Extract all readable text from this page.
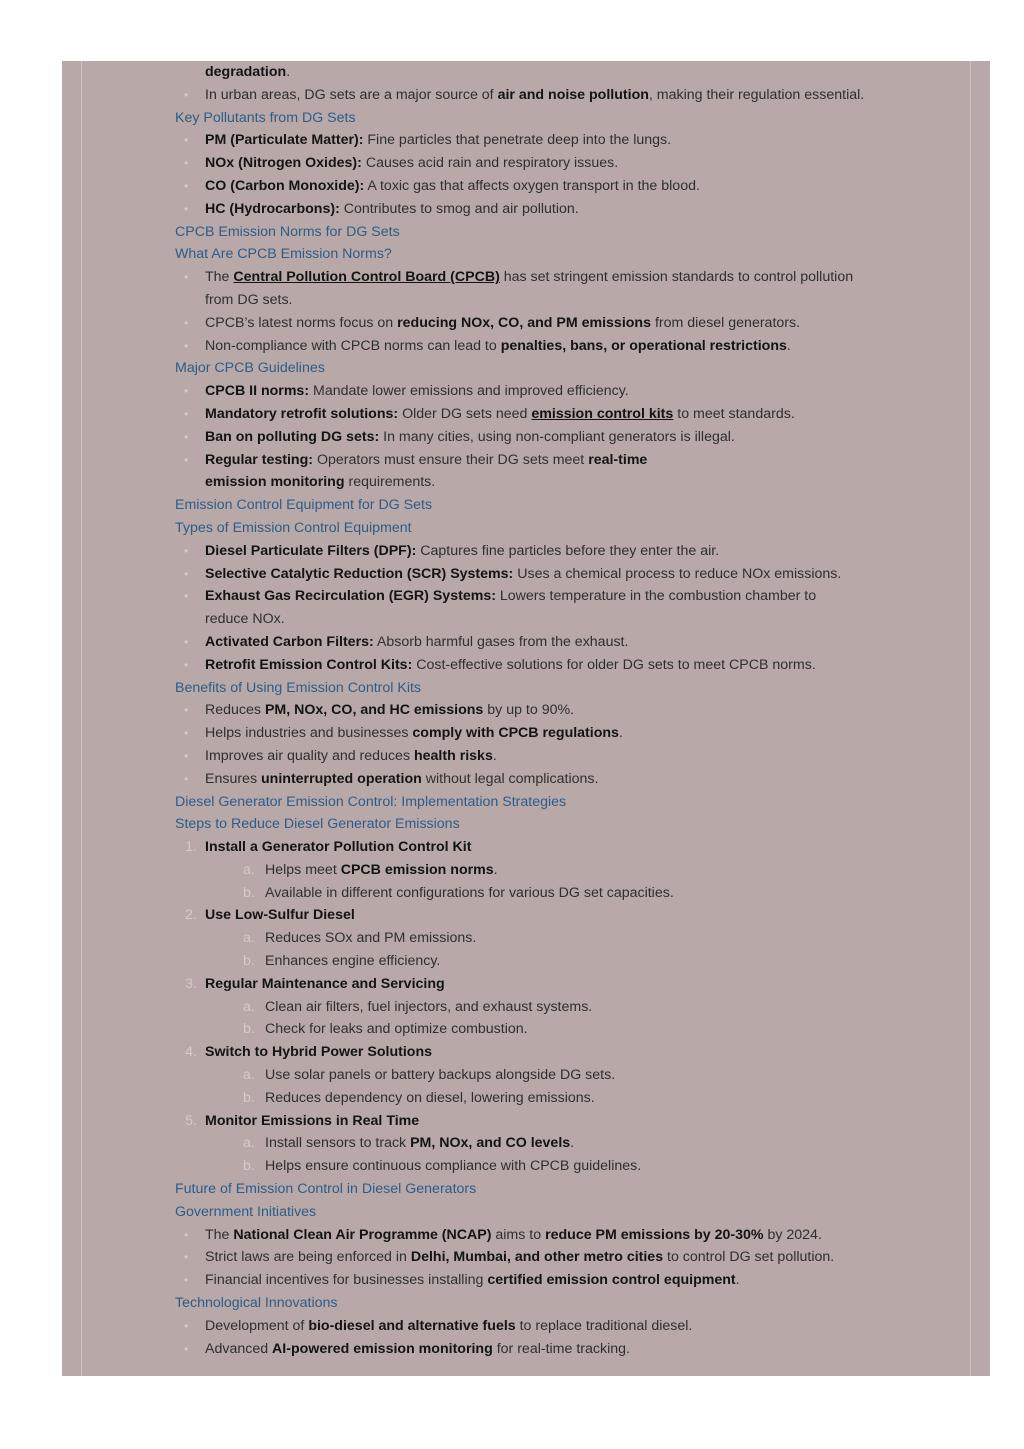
degradation.
• In urban areas, DG sets are a major source of air and noise pollution, making their regulation essential.
Key Pollutants from DG Sets
• PM (Particulate Matter): Fine particles that penetrate deep into the lungs.
• NOx (Nitrogen Oxides): Causes acid rain and respiratory issues.
• CO (Carbon Monoxide): A toxic gas that affects oxygen transport in the blood.
• HC (Hydrocarbons): Contributes to smog and air pollution.
CPCB Emission Norms for DG Sets
What Are CPCB Emission Norms?
• The Central Pollution Control Board (CPCB) has set stringent emission standards to control pollution from DG sets.
• CPCB’s latest norms focus on reducing NOx, CO, and PM emissions from diesel generators.
• Non-compliance with CPCB norms can lead to penalties, bans, or operational restrictions.
Major CPCB Guidelines
• CPCB II norms: Mandate lower emissions and improved efficiency.
• Mandatory retrofit solutions: Older DG sets need emission control kits to meet standards.
• Ban on polluting DG sets: In many cities, using non-compliant generators is illegal.
• Regular testing: Operators must ensure their DG sets meet real-time emission monitoring requirements.
Emission Control Equipment for DG Sets
Types of Emission Control Equipment
• Diesel Particulate Filters (DPF): Captures fine particles before they enter the air.
• Selective Catalytic Reduction (SCR) Systems: Uses a chemical process to reduce NOx emissions.
• Exhaust Gas Recirculation (EGR) Systems: Lowers temperature in the combustion chamber to reduce NOx.
• Activated Carbon Filters: Absorb harmful gases from the exhaust.
• Retrofit Emission Control Kits: Cost-effective solutions for older DG sets to meet CPCB norms.
Benefits of Using Emission Control Kits
• Reduces PM, NOx, CO, and HC emissions by up to 90%.
• Helps industries and businesses comply with CPCB regulations.
• Improves air quality and reduces health risks.
• Ensures uninterrupted operation without legal complications.
Diesel Generator Emission Control: Implementation Strategies
Steps to Reduce Diesel Generator Emissions
1. Install a Generator Pollution Control Kit
a. Helps meet CPCB emission norms.
b. Available in different configurations for various DG set capacities.
2. Use Low-Sulfur Diesel
a. Reduces SOx and PM emissions.
b. Enhances engine efficiency.
3. Regular Maintenance and Servicing
a. Clean air filters, fuel injectors, and exhaust systems.
b. Check for leaks and optimize combustion.
4. Switch to Hybrid Power Solutions
a. Use solar panels or battery backups alongside DG sets.
b. Reduces dependency on diesel, lowering emissions.
5. Monitor Emissions in Real Time
a. Install sensors to track PM, NOx, and CO levels.
b. Helps ensure continuous compliance with CPCB guidelines.
Future of Emission Control in Diesel Generators
Government Initiatives
• The National Clean Air Programme (NCAP) aims to reduce PM emissions by 20-30% by 2024.
• Strict laws are being enforced in Delhi, Mumbai, and other metro cities to control DG set pollution.
• Financial incentives for businesses installing certified emission control equipment.
Technological Innovations
• Development of bio-diesel and alternative fuels to replace traditional diesel.
• Advanced AI-powered emission monitoring for real-time tracking.
